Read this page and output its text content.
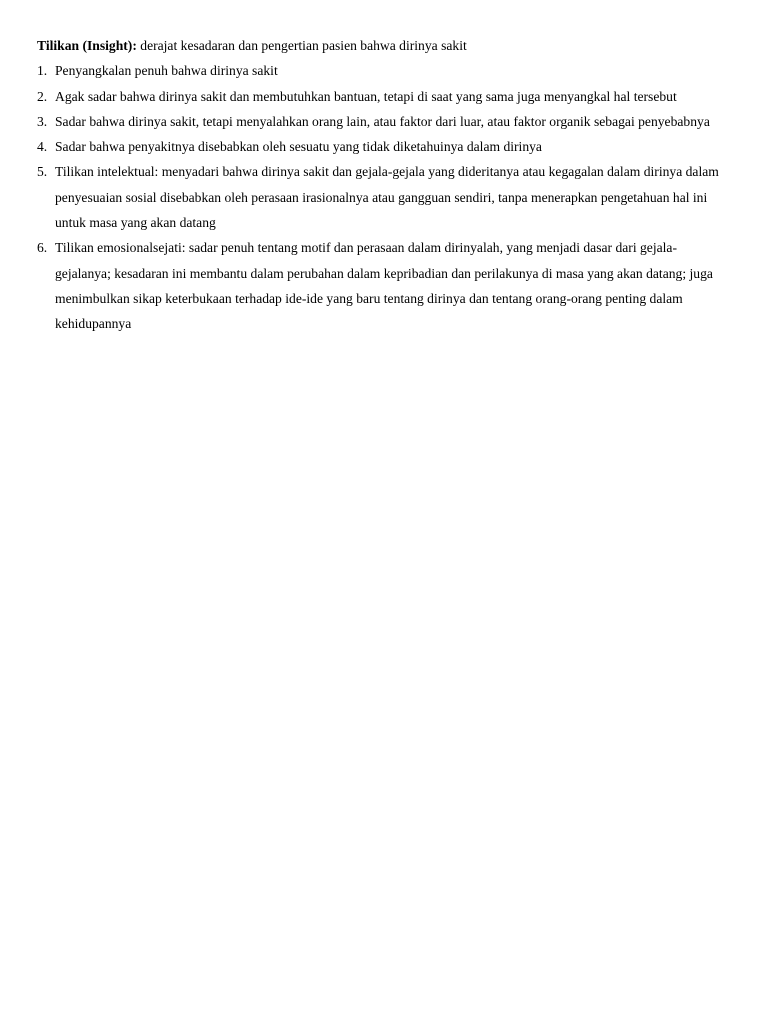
Tilikan (Insight): derajat kesadaran dan pengertian pasien bahwa dirinya sakit

1. Penyangkalan penuh bahwa dirinya sakit
2. Agak sadar bahwa dirinya sakit dan membutuhkan bantuan, tetapi di saat yang sama juga menyangkal hal tersebut
3. Sadar bahwa dirinya sakit, tetapi menyalahkan orang lain, atau faktor dari luar, atau faktor organik sebagai penyebabnya
4. Sadar bahwa penyakitnya disebabkan oleh sesuatu yang tidak diketahuinya dalam dirinya
5. Tilikan intelektual: menyadari bahwa dirinya sakit dan gejala-gejala yang dideritanya atau kegagalan dalam dirinya dalam penyesuaian sosial disebabkan oleh perasaan irasionalnya atau gangguan sendiri, tanpa menerapkan pengetahuan hal ini untuk masa yang akan datang
6. Tilikan emosionalsejati: sadar penuh tentang motif dan perasaan dalam dirinyalah, yang menjadi dasar dari gejala-gejalanya; kesadaran ini membantu dalam perubahan dalam kepribadian dan perilakunya di masa yang akan datang; juga menimbulkan sikap keterbukaan terhadap ide-ide yang baru tentang dirinya dan tentang orang-orang penting dalam kehidupannya
